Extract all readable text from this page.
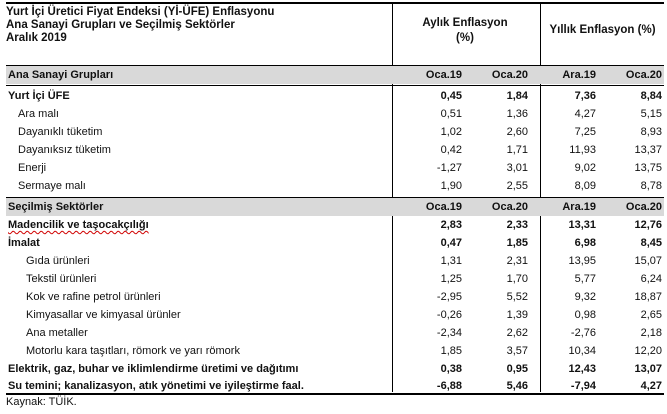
Yurt İçi Üretici Fiyat Endeksi (Yİ-ÜFE) Enflasyonu
Ana Sanayi Grupları ve Seçilmiş Sektörler
Aralık 2019
Aylık Enflasyon
(%)
Yıllık Enflasyon (%)
Ana Sanayi Grupları	Oca.19	Oca.20	Ara.19	Oca.20
Yurt İçi ÜFE	0,45	1,84	7,36	8,84
Ara malı	0,51	1,36	4,27	5,15
Dayanıklı tüketim	1,02	2,60	7,25	8,93
Dayanıksız tüketim	0,42	1,71	11,93	13,37
Enerji	-1,27	3,01	9,02	13,75
Sermaye malı	1,90	2,55	8,09	8,78
Seçilmiş Sektörler	Oca.19	Oca.20	Ara.19	Oca.20
Madencilik ve taşocakçılığı	2,83	2,33	13,31	12,76
İmalat	0,47	1,85	6,98	8,45
Gıda ürünleri	1,31	2,31	13,95	15,07
Tekstil ürünleri	1,25	1,70	5,77	6,24
Kok ve rafine petrol ürünleri	-2,95	5,52	9,32	18,87
Kimyasallar ve kimyasal ürünler	-0,26	1,39	0,98	2,65
Ana metaller	-2,34	2,62	-2,76	2,18
Motorlu kara taşıtları, römork ve yarı römork	1,85	3,57	10,34	12,20
Elektrik, gaz, buhar ve iklimlendirme üretimi ve dağıtımı	0,38	0,95	12,43	13,07
Su temini; kanalizasyon, atık yönetimi ve iyileştirme faal.	-6,88	5,46	-7,94	4,27
Kaynak: TÜİK.
